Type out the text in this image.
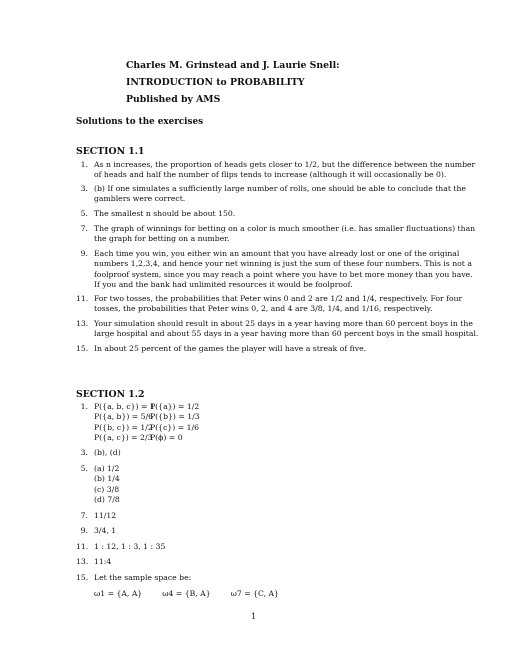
Charles M. Grinstead and J. Laurie Snell:
INTRODUCTION to PROBABILITY
Published by AMS
Solutions to the exercises
SECTION 1.1
1. As n increases, the proportion of heads gets closer to 1/2, but the difference between the number
of heads and half the number of flips tends to increase (although it will occasionally be 0).
3. (b) If one simulates a sufficiently large number of rolls, one should be able to conclude that the
gamblers were correct.
5. The smallest n should be about 150.
7. The graph of winnings for betting on a color is much smoother (i.e. has smaller fluctuations) than
the graph for betting on a number.
9. Each time you win, you either win an amount that you have already lost or one of the original
numbers 1,2,3,4, and hence your net winning is just the sum of these four numbers. This is not a
foolproof system, since you may reach a point where you have to bet more money than you have.
If you and the bank had unlimited resources it would be foolproof.
11. For two tosses, the probabilities that Peter wins 0 and 2 are 1/2 and 1/4, respectively. For four
tosses, the probabilities that Peter wins 0, 2, and 4 are 3/8, 1/4, and 1/16, respectively.
13. Your simulation should result in about 25 days in a year having more than 60 percent boys in the
large hospital and about 55 days in a year having more than 60 percent boys in the small hospital.
15. In about 25 percent of the games the player will have a streak of five.
SECTION 1.2
1. P({a, b, c}) = 1
P({a}) = 1/2
P({a, b}) = 5/6
P({b}) = 1/3
P({b, c}) = 1/2
P({c}) = 1/6
P({a, c}) = 2/3
P(ϕ) = 0
3. (b), (d)
5. (a) 1/2
(b) 1/4
(c) 3/8
(d) 7/8
7. 11/12
9. 3/4, 1
11. 1 : 12, 1 : 3, 1 : 35
13. 11:4
15. Let the sample space be:
ω1 = {A, A}	ω4 = {B, A}	ω7 = {C, A}
1
